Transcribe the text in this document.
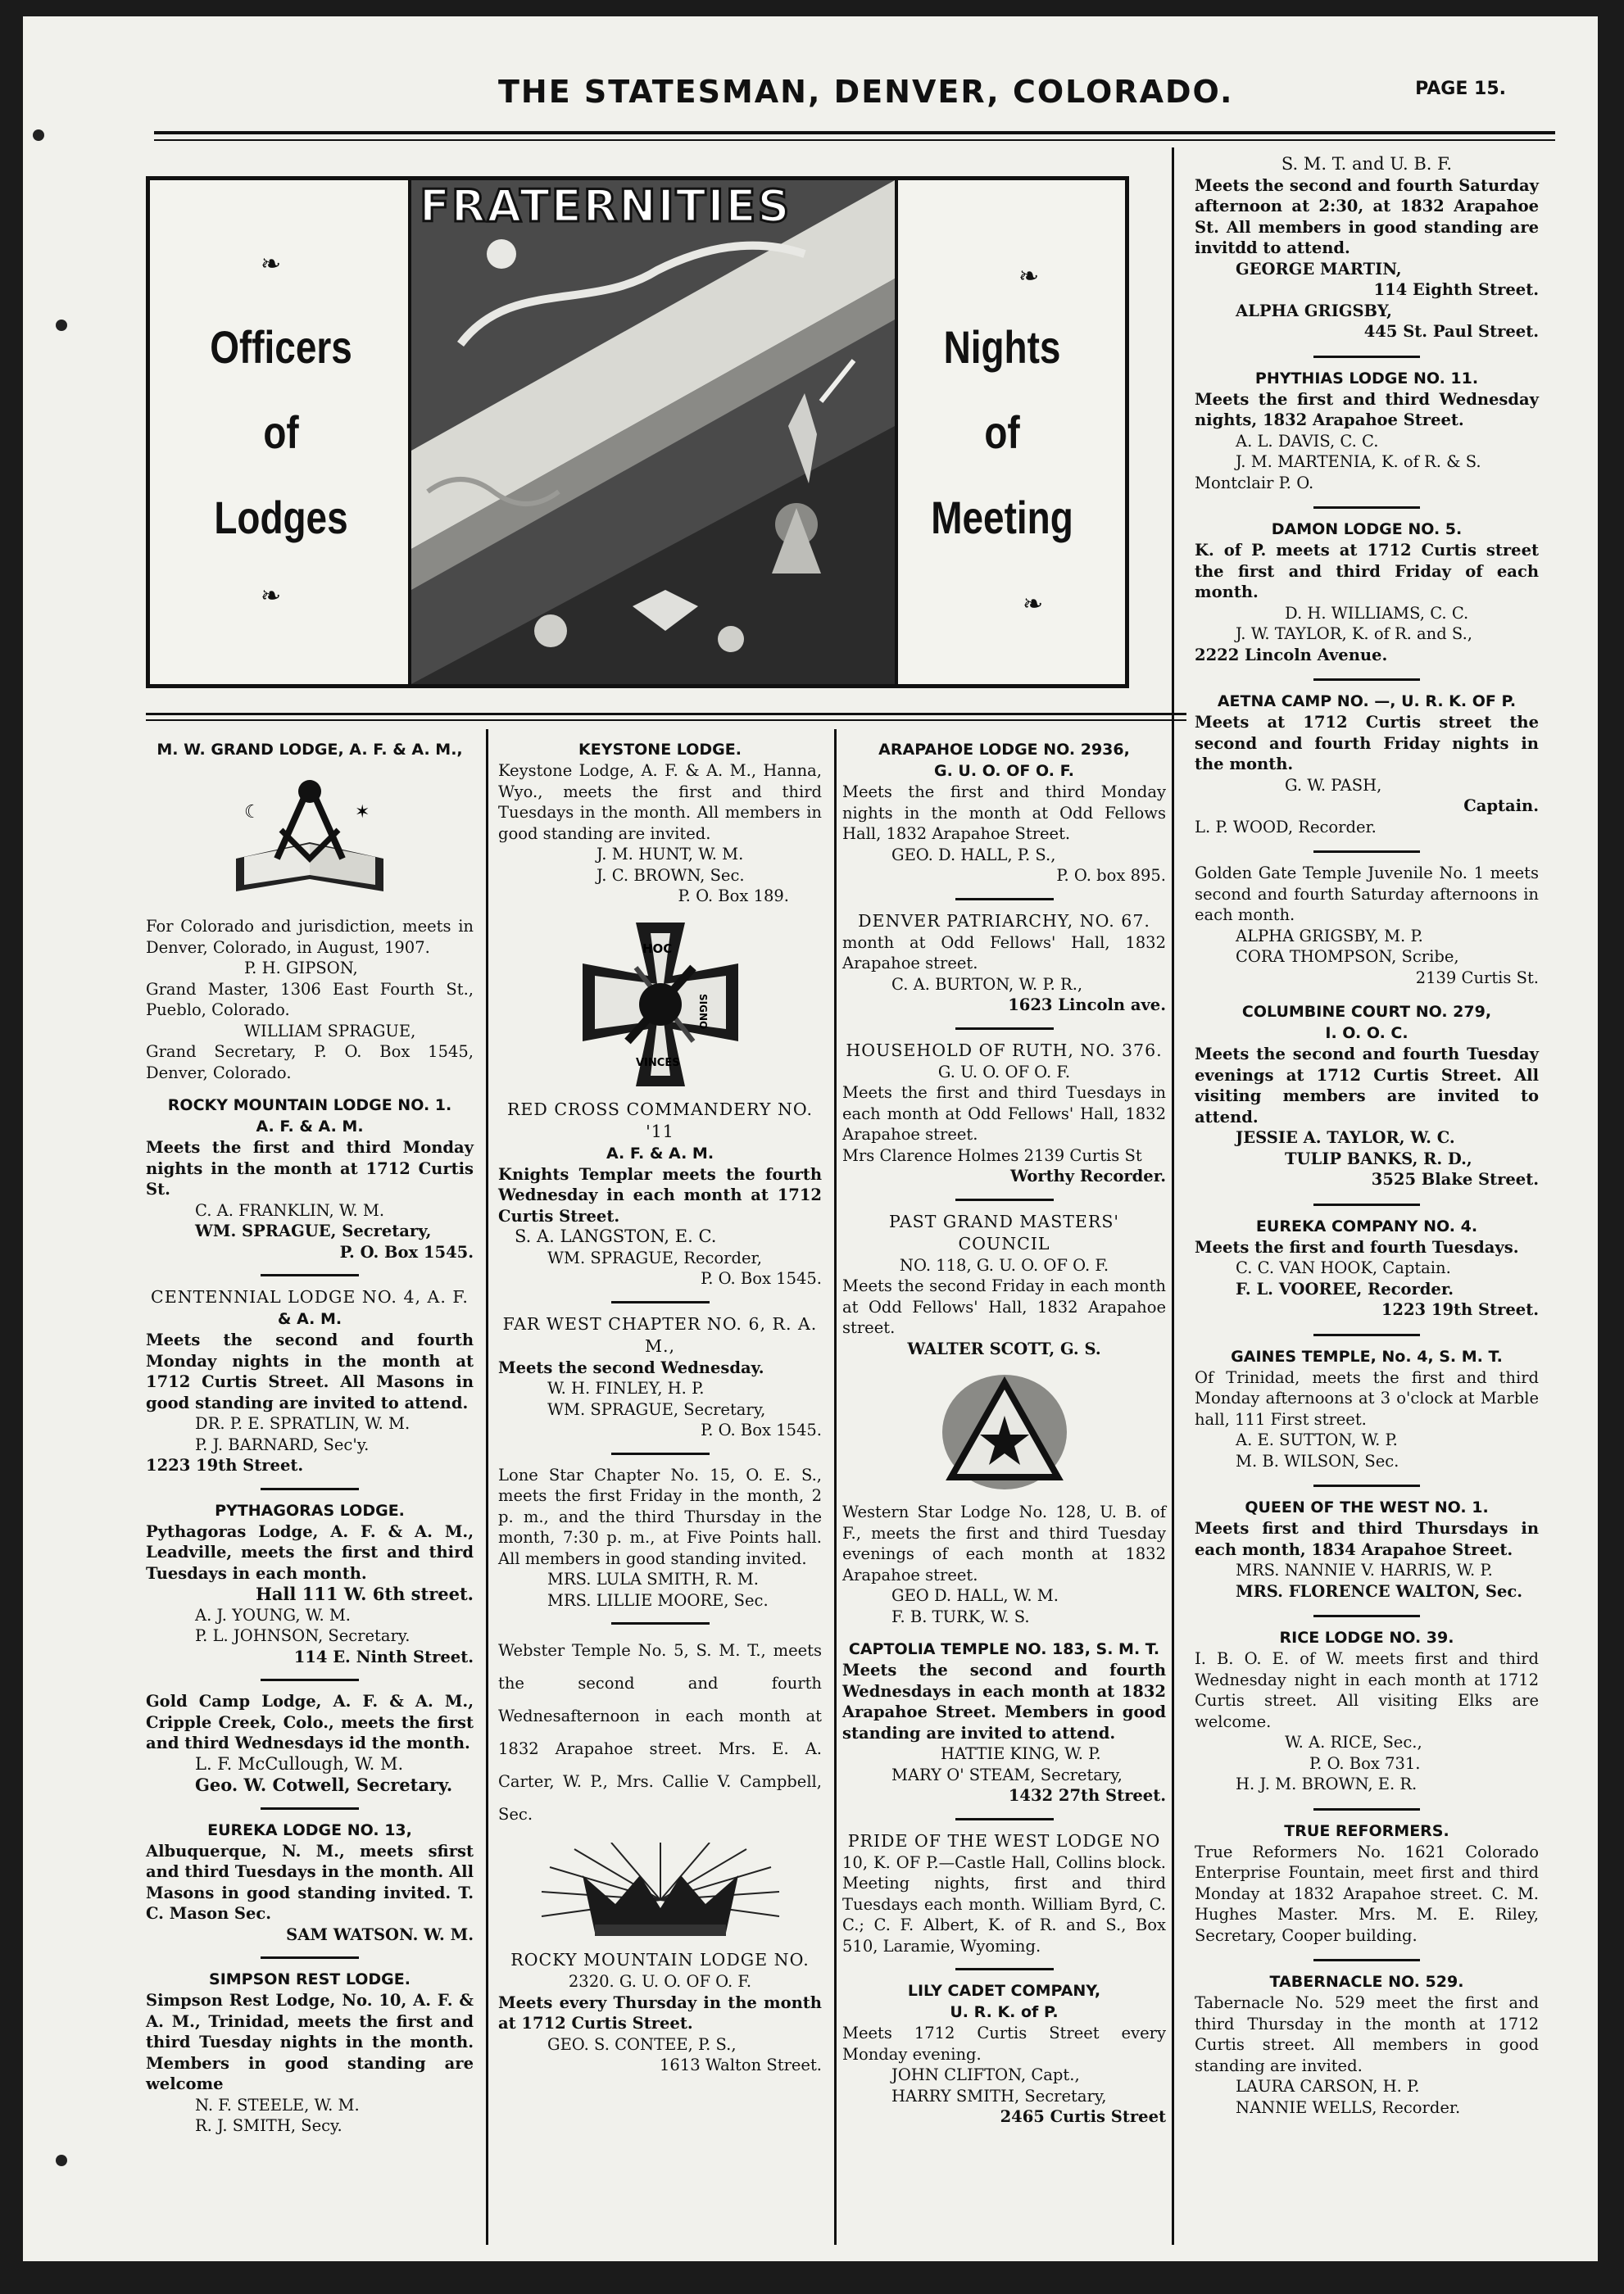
THE STATESMAN, DENVER, COLORADO.	PAGE 15.
Officers
of
Lodges
❧
❧
FRATERNITIES
Nights
of
Meeting
❧
❧
M. W. GRAND LODGE, A. F. & A. M.,
☾	✶

For Colorado and jurisdiction, meets in Denver, Colorado, in August, 1907.

P. H. GIPSON,

Grand Master, 1306 East Fourth St., Pueblo, Colorado.

WILLIAM SPRAGUE,

Grand Secretary, P. O. Box 1545, Denver, Colorado.

ROCKY MOUNTAIN LODGE NO. 1.
A. F. & A. M.

Meets the first and third Monday nights in the month at 1712 Curtis St.

C. A. FRANKLIN, W. M.
WM. SPRAGUE, Secretary,
P. O. Box 1545.
CENTENNIAL LODGE NO. 4, A. F.
& A. M.

Meets the second and fourth Monday nights in the month at 1712 Curtis Street. All Masons in good standing are invited to attend.

DR. P. E. SPRATLIN, W. M.
P. J. BARNARD, Sec'y.
1223 19th Street.
PYTHAGORAS LODGE.

Pythagoras Lodge, A. F. & A. M., Leadville, meets the first and third Tuesdays in each month.

Hall 111 W. 6th street.
A. J. YOUNG, W. M.
P. L. JOHNSON, Secretary.
114 E. Ninth Street.

Gold Camp Lodge, A. F. & A. M., Cripple Creek, Colo., meets the first and third Wednesdays id the month.

L. F. McCullough, W. M.
Geo. W. Cotwell, Secretary.
EUREKA LODGE NO. 13,

Albuquerque, N. M., meets sfirst and third Tuesdays in the month. All Masons in good standing invited. T. C. Mason Sec.

SAM WATSON. W. M.
SIMPSON REST LODGE.

Simpson Rest Lodge, No. 10, A. F. & A. M., Trinidad, meets the first and third Tuesday nights in the month. Members in good standing are welcome

N. F. STEELE, W. M.
R. J. SMITH, Secy.
KEYSTONE LODGE.

Keystone Lodge, A. F. & A. M., Hanna, Wyo., meets the first and third Tuesdays in the month. All members in good standing are invited.

J. M. HUNT, W. M.
J. C. BROWN, Sec.
P. O. Box 189.
HOC
SIGNO
VINCES
RED CROSS COMMANDERY NO. '11
A. F. & A. M.

Knights Templar meets the fourth Wednesday in each month at 1712 Curtis Street.

S. A. LANGSTON, E. C.
WM. SPRAGUE, Recorder,
P. O. Box 1545.
FAR WEST CHAPTER NO. 6, R. A. M.,

Meets the second Wednesday.

W. H. FINLEY, H. P.
WM. SPRAGUE, Secretary,
P. O. Box 1545.

Lone Star Chapter No. 15, O. E. S., meets the first Friday in the month, 2 p. m., and the third Thursday in the month, 7:30 p. m., at Five Points hall. All members in good standing invited.

MRS. LULA SMITH, R. M.
MRS. LILLIE MOORE, Sec.

Webster Temple No. 5, S. M. T., meets the second and fourth Wednesafternoon in each month at 1832 Arapahoe street. Mrs. E. A. Carter, W. P., Mrs. Callie V. Campbell, Sec.

ROCKY MOUNTAIN LODGE NO.
2320. G. U. O. OF O. F.

Meets every Thursday in the month at 1712 Curtis Street.

GEO. S. CONTEE, P. S.,
1613 Walton Street.
ARAPAHOE LODGE NO. 2936,
G. U. O. OF O. F.

Meets the first and third Monday nights in the month at Odd Fellows Hall, 1832 Arapahoe Street.

GEO. D. HALL, P. S.,
P. O. box 895.
DENVER PATRIARCHY, NO. 67.

month at Odd Fellows' Hall, 1832 Arapahoe street.

C. A. BURTON, W. P. R.,
1623 Lincoln ave.
HOUSEHOLD OF RUTH, NO. 376.
G. U. O. OF O. F.

Meets the first and third Tuesdays in each month at Odd Fellows' Hall, 1832 Arapahoe street.

Mrs Clarence Holmes 2139 Curtis St
Worthy Recorder.
PAST GRAND MASTERS' COUNCIL
NO. 118, G. U. O. OF O. F.

Meets the second Friday in each month at Odd Fellows' Hall, 1832 Arapahoe street.

WALTER SCOTT, G. S.

Western Star Lodge No. 128, U. B. of F., meets the first and third Tuesday evenings of each month at 1832 Arapahoe street.

GEO D. HALL, W. M.
F. B. TURK, W. S.
CAPTOLIA TEMPLE NO. 183, S. M. T.

Meets the second and fourth Wednesdays in each month at 1832 Arapahoe Street. Members in good standing are invited to attend.

HATTIE KING, W. P.
MARY O' STEAM, Secretary,
1432 27th Street.
PRIDE OF THE WEST LODGE NO

10, K. OF P.—Castle Hall, Collins block. Meeting nights, first and third Tuesdays each month. William Byrd, C. C.; C. F. Albert, K. of R. and S., Box 510, Laramie, Wyoming.

LILY CADET COMPANY,
U. R. K. of P.

Meets 1712 Curtis Street every Monday evening.

JOHN CLIFTON, Capt.,
HARRY SMITH, Secretary,
2465 Curtis Street
S. M. T. and U. B. F.

Meets the second and fourth Saturday afternoon at 2:30, at 1832 Arapahoe St. All members in good standing are invitdd to attend.

GEORGE MARTIN,
114 Eighth Street.
ALPHA GRIGSBY,
445 St. Paul Street.
PHYTHIAS LODGE NO. 11.

Meets the first and third Wednesday nights, 1832 Arapahoe Street.

A. L. DAVIS, C. C.
J. M. MARTENIA, K. of R. & S.
Montclair P. O.
DAMON LODGE NO. 5.

K. of P. meets at 1712 Curtis street the first and third Friday of each month.

D. H. WILLIAMS, C. C.
J. W. TAYLOR, K. of R. and S.,
2222 Lincoln Avenue.
AETNA CAMP NO. —, U. R. K. OF P.

Meets at 1712 Curtis street the second and fourth Friday nights in the month.

G. W. PASH,
Captain.
L. P. WOOD, Recorder.

Golden Gate Temple Juvenile No. 1 meets second and fourth Saturday afternoons in each month.

ALPHA GRIGSBY, M. P.
CORA THOMPSON, Scribe,
2139 Curtis St.
COLUMBINE COURT NO. 279,
I. O. O. C.

Meets the second and fourth Tuesday evenings at 1712 Curtis Street. All visiting members are invited to attend.

JESSIE A. TAYLOR, W. C.
TULIP BANKS, R. D.,
3525 Blake Street.
EUREKA COMPANY NO. 4.

Meets the first and fourth Tuesdays.

C. C. VAN HOOK, Captain.
F. L. VOOREE, Recorder.
1223 19th Street.
GAINES TEMPLE, No. 4, S. M. T.

Of Trinidad, meets the first and third Monday afternoons at 3 o'clock at Marble hall, 111 First street.

A. E. SUTTON, W. P.
M. B. WILSON, Sec.
QUEEN OF THE WEST NO. 1.

Meets first and third Thursdays in each month, 1834 Arapahoe Street.

MRS. NANNIE V. HARRIS, W. P.
MRS. FLORENCE WALTON, Sec.
RICE LODGE NO. 39.

I. B. O. E. of W. meets first and third Wednesday night in each month at 1712 Curtis street. All visiting Elks are welcome.

W. A. RICE, Sec.,
P. O. Box 731.
H. J. M. BROWN, E. R.
TRUE REFORMERS.

True Reformers No. 1621 Colorado Enterprise Fountain, meet first and third Monday at 1832 Arapahoe street. C. M. Hughes Master. Mrs. M. E. Riley, Secretary, Cooper building.

TABERNACLE NO. 529.

Tabernacle No. 529 meet the first and third Thursday in the month at 1712 Curtis street. All members in good standing are invited.

LAURA CARSON, H. P.
NANNIE WELLS, Recorder.
